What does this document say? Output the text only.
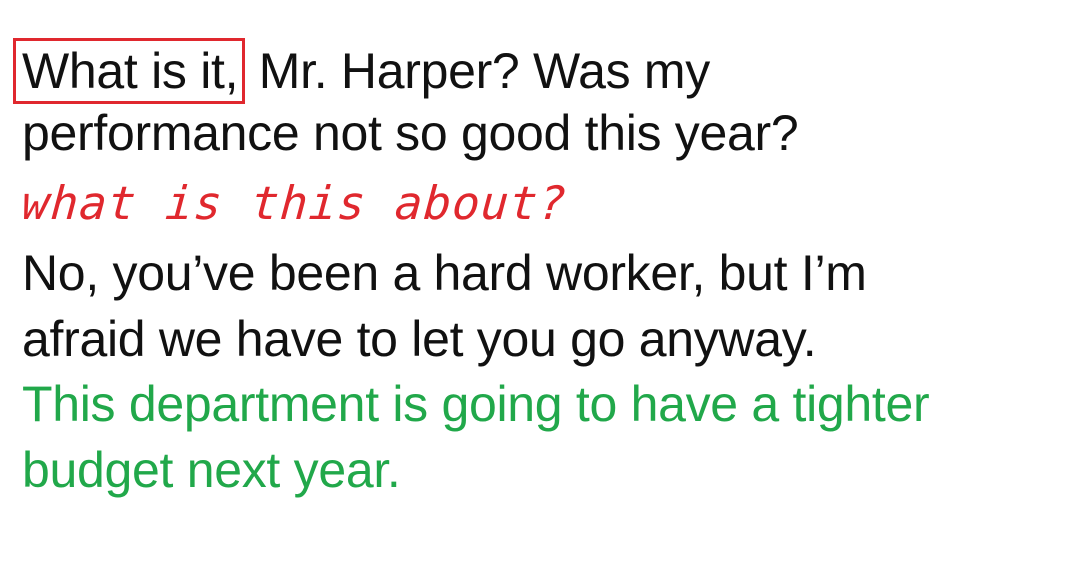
What is it, Mr. Harper? Was my
performance not so good this year?
what is this about?
No, you’ve been a hard worker, but I’m
afraid we have to let you go anyway.
This department is going to have a tighter
budget next year.
